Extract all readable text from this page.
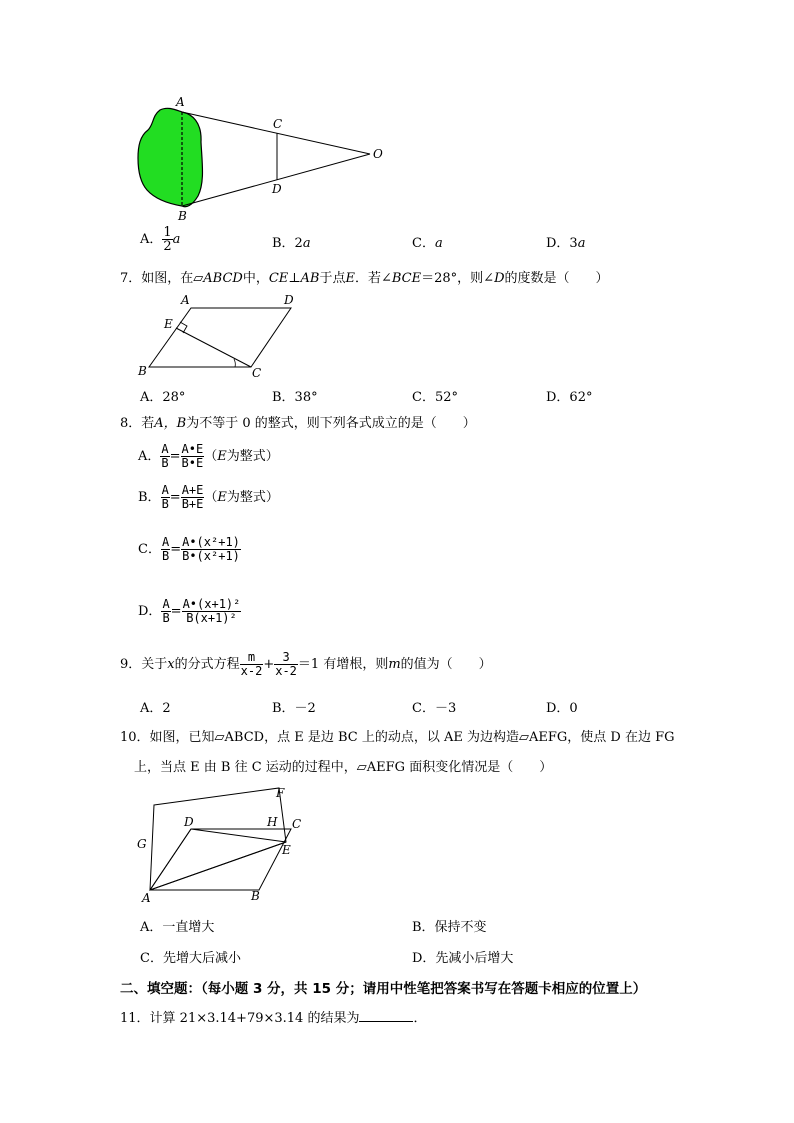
A
B
C
D
O
A． $\frac{1}{2}$ a	B．2a	C．a	D．3a
7．如图，在▱ABCD中，CE⊥AB于点E．若∠BCE＝28°，则∠D的度数是（　　）
A	D
E
B	C
A．28°	B．38°	C．52°	D．62°
8．若A，B为不等于 0 的整式，则下列各式成立的是（　　）
A． $\frac{A}{B} = \frac{A•E}{B•E} (E$为整式）
B． $\frac{A}{B} = \frac{A+E}{B+E} (E$为整式）
C． $\frac{A}{B} = \frac{\text{A•(x²+1)}}{\text{B•(x²+1)}}$
D． $\frac{A}{B} = \frac{\text{A•(x+1)²}}{\text{B(x+1)²}}$
9．关于x的分式方程 $\frac{m}{x-2} + \frac{3}{x-2} =1$ 有增根，则m的值为（　　）
A．2	B．－2	C．－3	D．0
10．如图，已知▱ABCD，点 E 是边 BC 上的动点，以 AE 为边构造▱AEFG，使点 D 在边 FG
上，当点 E 由 B 往 C 运动的过程中，▱AEFG 面积变化情况是（　　）
F
D	H C
G	E
A	B
A．一直增大	B．保持不变
C．先增大后减小	D．先减小后增大
二、填空题：（每小题 3 分，共 15 分；请用中性笔把答案书写在答题卡相应的位置上）
11．计算 21×3.14+79×3.14 的结果为	．
